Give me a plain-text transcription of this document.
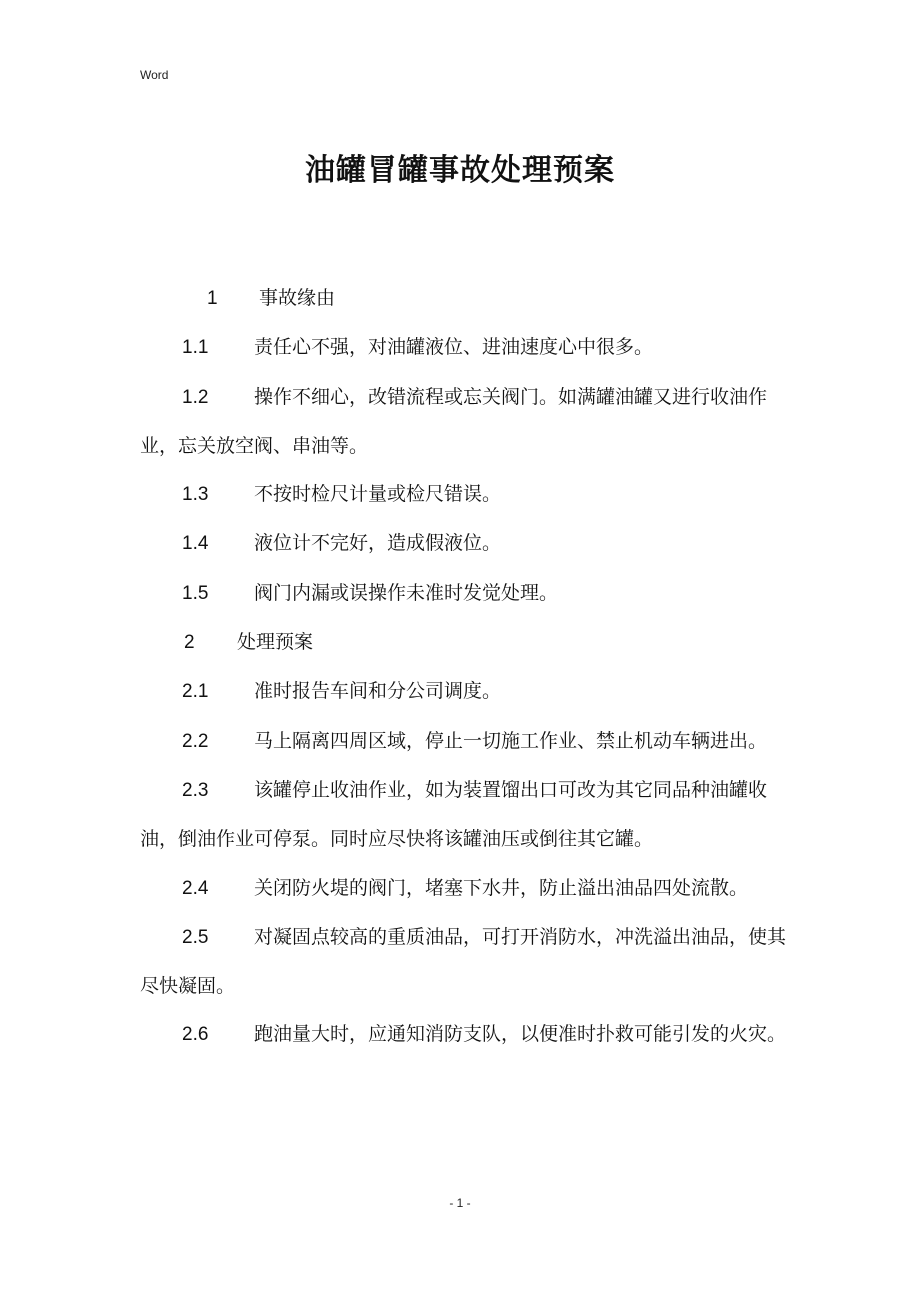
Word
油罐冒罐事故处理预案

1 事故缘由

1.1 责任心不强，对油罐液位、进油速度心中很多。

1.2 操作不细心，改错流程或忘关阀门。如满罐油罐又进行收油作业，忘关放空阀、串油等。

1.3 不按时检尺计量或检尺错误。

1.4 液位计不完好，造成假液位。

1.5 阀门内漏或误操作未准时发觉处理。

2 处理预案

2.1 准时报告车间和分公司调度。

2.2 马上隔离四周区域，停止一切施工作业、禁止机动车辆进出。

2.3 该罐停止收油作业，如为装置馏出口可改为其它同品种油罐收油，倒油作业可停泵。同时应尽快将该罐油压或倒往其它罐。

2.4 关闭防火堤的阀门，堵塞下水井，防止溢出油品四处流散。

2.5 对凝固点较高的重质油品，可打开消防水，冲洗溢出油品，使其尽快凝固。

2.6 跑油量大时，应通知消防支队，以便准时扑救可能引发的火灾。

- 1 -
